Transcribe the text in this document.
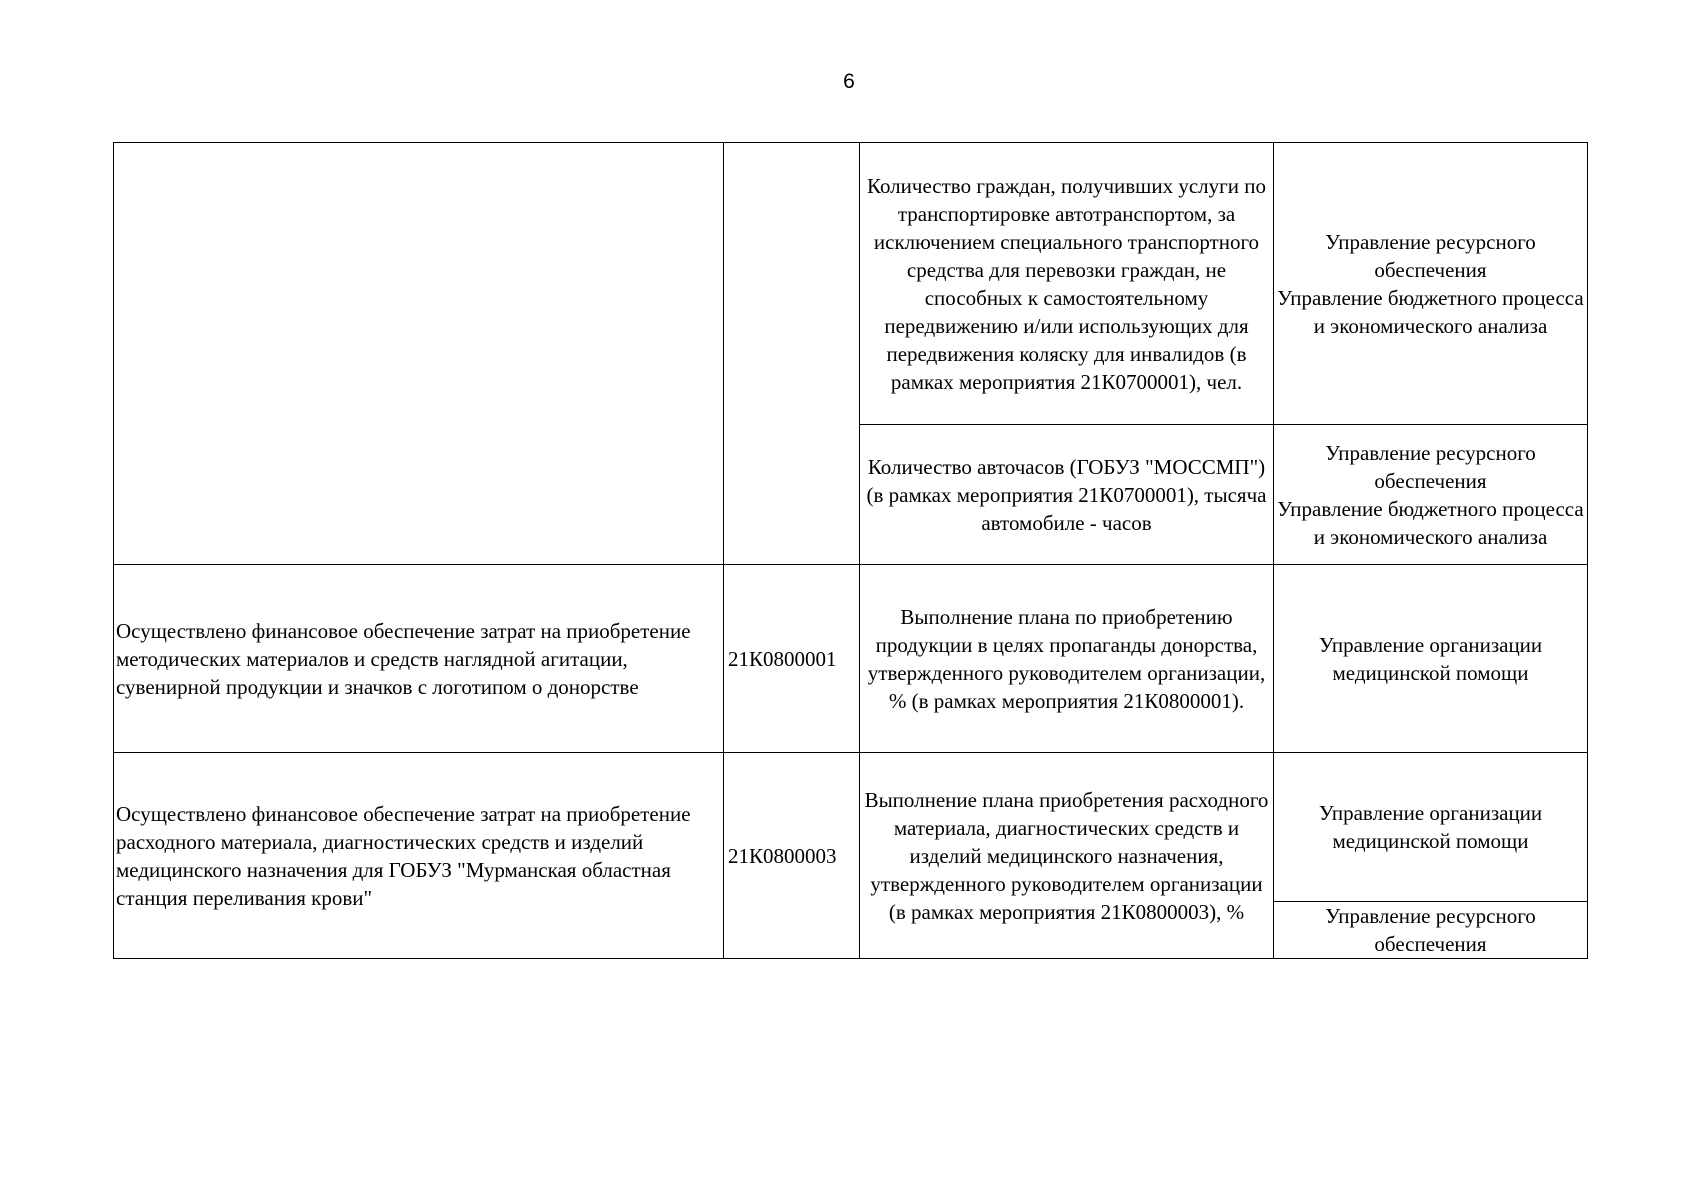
6
		Количество граждан, получивших услуги по транспортировке автотранспортом, за исключением специального транспортного средства для перевозки граждан, не способных к самостоятельному передвижению и/или использующих для передвижения коляску для инвалидов (в рамках мероприятия 21К0700001), чел.	Управление ресурсного обеспечения
Управление бюджетного процесса и экономического анализа
		Количество авточасов (ГОБУЗ "МОССМП") (в рамках мероприятия 21К0700001), тысяча автомобиле - часов	Управление ресурсного обеспечения
Управление бюджетного процесса и экономического анализа
Осуществлено финансовое обеспечение затрат на приобретение методических материалов и средств наглядной агитации, сувенирной продукции и значков с логотипом о донорстве	21К0800001	Выполнение плана по приобретению продукции в целях пропаганды донорства, утвержденного руководителем организации, % (в рамках мероприятия 21К0800001).	Управление организации медицинской помощи
Осуществлено финансовое обеспечение затрат на приобретение расходного материала, диагностических средств и изделий медицинского назначения для ГОБУЗ "Мурманская областная станция переливания крови"	21К0800003	Выполнение плана приобретения расходного материала, диагностических средств и изделий медицинского назначения, утвержденного руководителем организации (в рамках мероприятия 21К0800003), %	Управление организации медицинской помощи
			Управление ресурсного обеспечения
